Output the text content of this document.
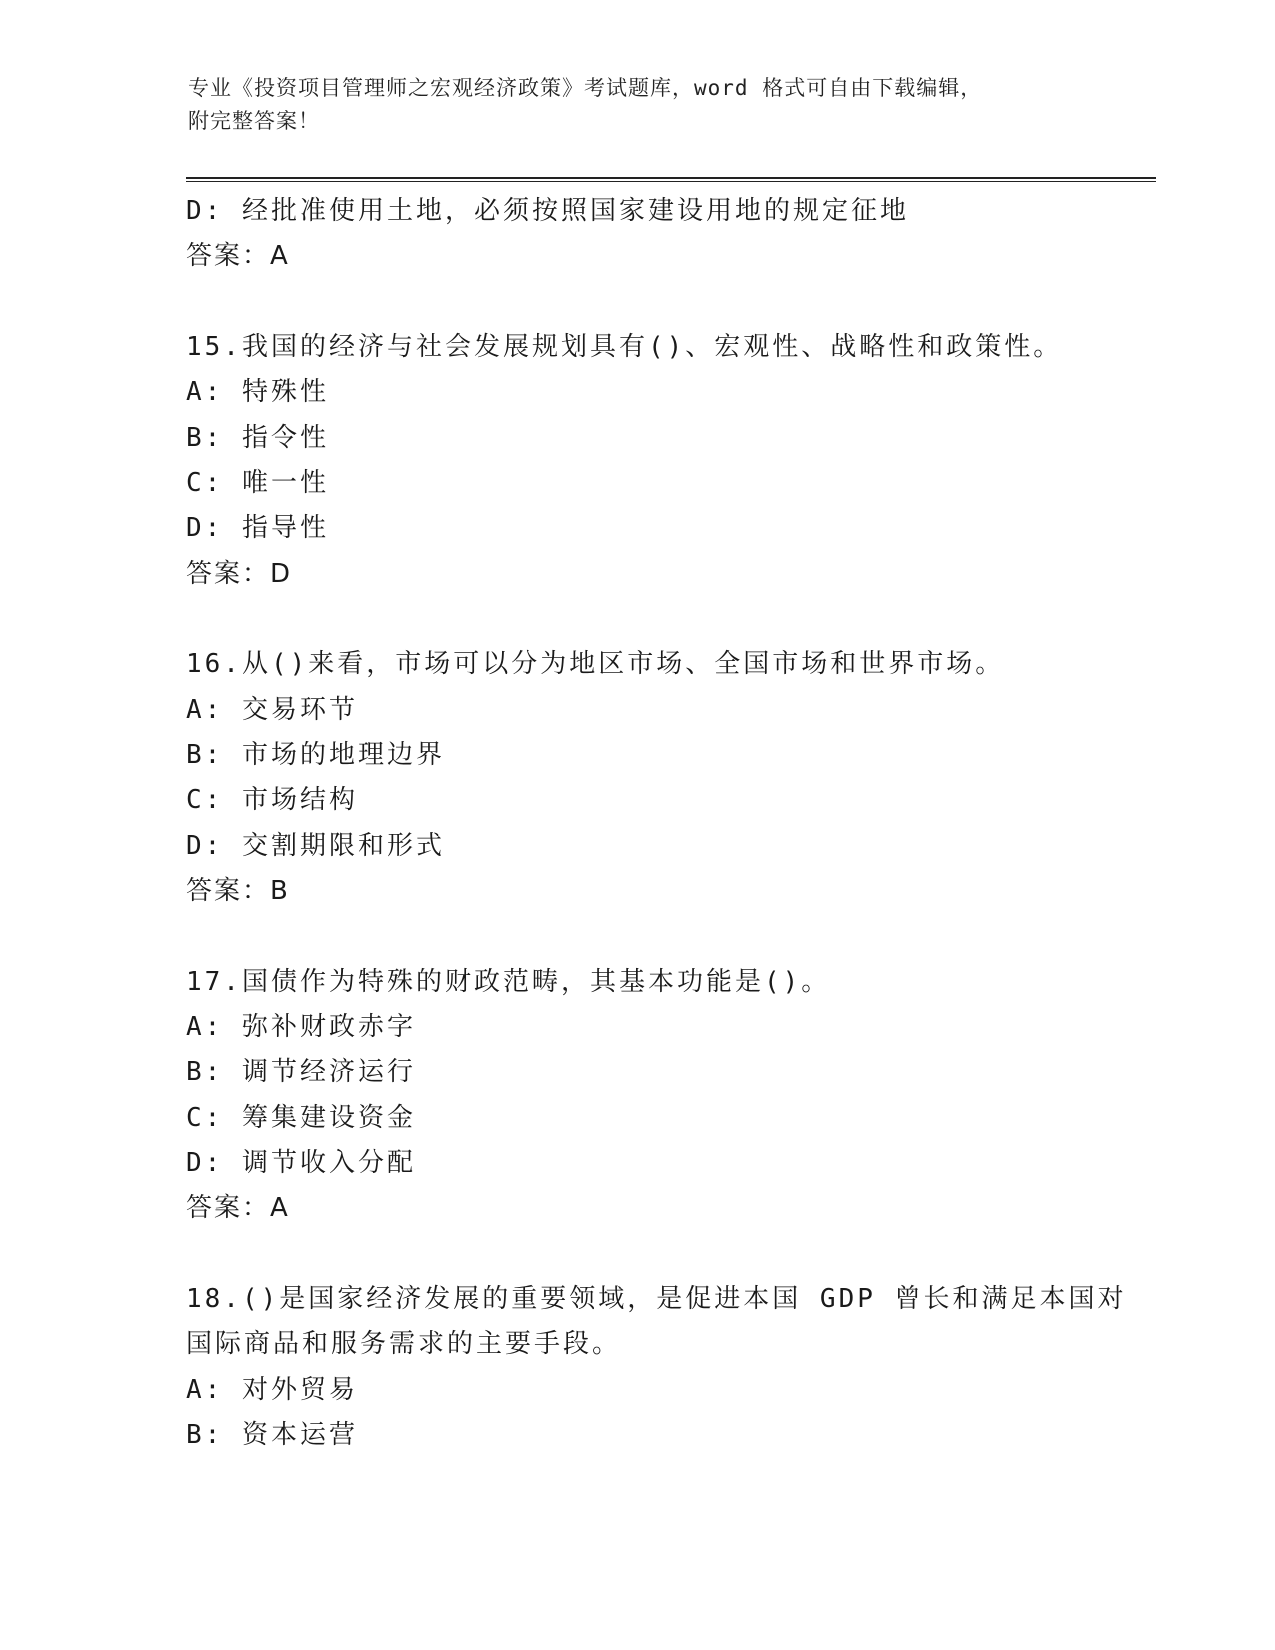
专业《投资项目管理师之宏观经济政策》考试题库，word 格式可自由下载编辑，
附完整答案！
D: 经批准使用土地，必须按照国家建设用地的规定征地
答案：A
15.我国的经济与社会发展规划具有()、宏观性、战略性和政策性。
A: 特殊性
B: 指令性
C: 唯一性
D: 指导性
答案：D
16.从()来看，市场可以分为地区市场、全国市场和世界市场。
A: 交易环节
B: 市场的地理边界
C: 市场结构
D: 交割期限和形式
答案：B
17.国债作为特殊的财政范畴，其基本功能是()。
A: 弥补财政赤字
B: 调节经济运行
C: 筹集建设资金
D: 调节收入分配
答案：A
18.()是国家经济发展的重要领域，是促进本国 GDP 曾长和满足本国对
国际商品和服务需求的主要手段。
A: 对外贸易
B: 资本运营
